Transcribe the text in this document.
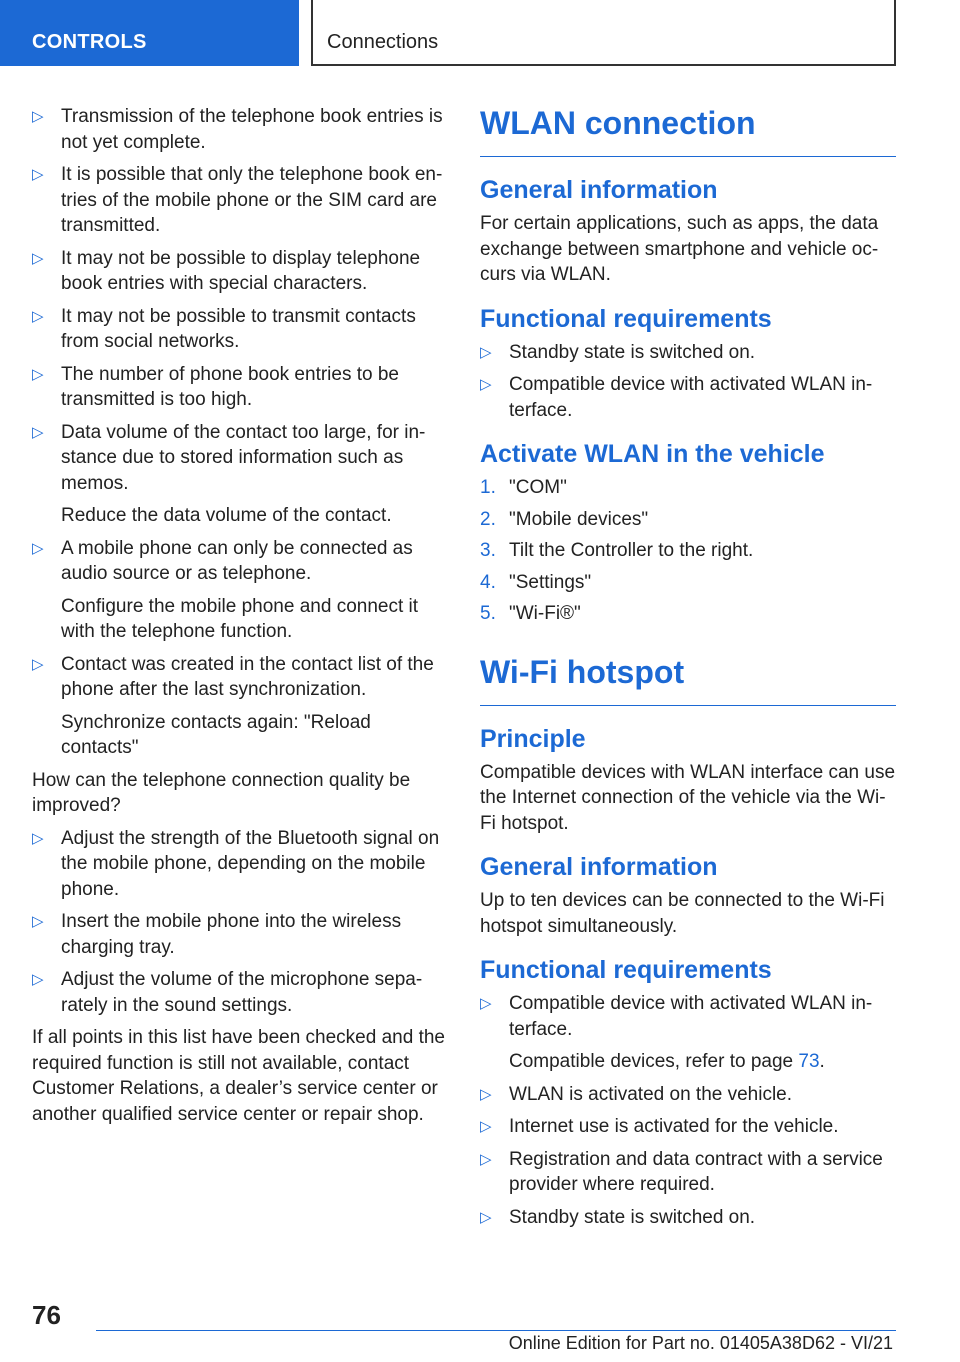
CONTROLS	Connections
▷ Transmission of the telephone book entries is not yet complete.
▷ It is possible that only the telephone book en-tries of the mobile phone or the SIM card are transmitted.
▷ It may not be possible to display telephone book entries with special characters.
▷ It may not be possible to transmit contacts from social networks.
▷ The number of phone book entries to be transmitted is too high.
▷ Data volume of the contact too large, for in-stance due to stored information such as memos.
Reduce the data volume of the contact.
▷ A mobile phone can only be connected as audio source or as telephone.
Configure the mobile phone and connect it with the telephone function.
▷ Contact was created in the contact list of the phone after the last synchronization.
Synchronize contacts again: "Reload contacts"
How can the telephone connection quality be improved?
▷ Adjust the strength of the Bluetooth signal on the mobile phone, depending on the mobile phone.
▷ Insert the mobile phone into the wireless charging tray.
▷ Adjust the volume of the microphone sepa-rately in the sound settings.
If all points in this list have been checked and the required function is still not available, contact Customer Relations, a dealer’s service center or another qualified service center or repair shop.
WLAN connection
General information
For certain applications, such as apps, the data exchange between smartphone and vehicle oc-curs via WLAN.
Functional requirements
▷ Standby state is switched on.
▷ Compatible device with activated WLAN in-terface.
Activate WLAN in the vehicle
1. "COM"
2. "Mobile devices"
3. Tilt the Controller to the right.
4. "Settings"
5. "Wi-Fi®"
Wi-Fi hotspot
Principle
Compatible devices with WLAN interface can use the Internet connection of the vehicle via the Wi-Fi hotspot.
General information
Up to ten devices can be connected to the Wi-Fi hotspot simultaneously.
Functional requirements
▷ Compatible device with activated WLAN in-terface.
Compatible devices, refer to page 73.
▷ WLAN is activated on the vehicle.
▷ Internet use is activated for the vehicle.
▷ Registration and data contract with a service provider where required.
▷ Standby state is switched on.
76
Online Edition for Part no. 01405A38D62 - VI/21
